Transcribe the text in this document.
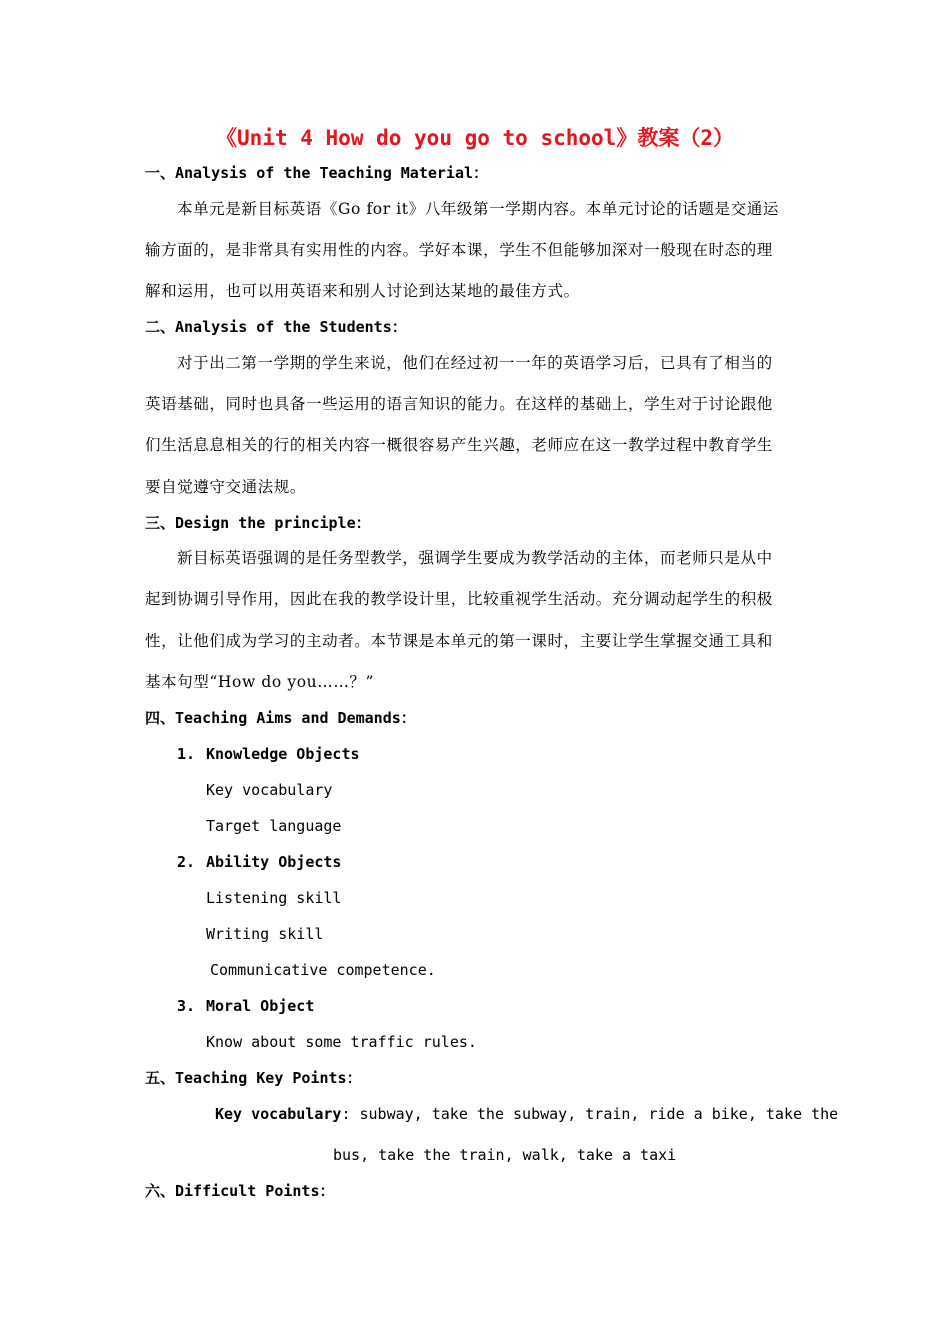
《Unit 4 How do you go to school》教案（2）
一、Analysis of the Teaching Material：
本单元是新目标英语《Go for it》八年级第一学期内容。本单元讨论的话题是交通运
输方面的，是非常具有实用性的内容。学好本课，学生不但能够加深对一般现在时态的理
解和运用，也可以用英语来和别人讨论到达某地的最佳方式。
二、Analysis of the Students：
对于出二第一学期的学生来说，他们在经过初一一年的英语学习后，已具有了相当的
英语基础，同时也具备一些运用的语言知识的能力。在这样的基础上，学生对于讨论跟他
们生活息息相关的行的相关内容一概很容易产生兴趣，老师应在这一教学过程中教育学生
要自觉遵守交通法规。
三、Design the principle：
新目标英语强调的是任务型教学，强调学生要成为教学活动的主体，而老师只是从中
起到协调引导作用，因此在我的教学设计里，比较重视学生活动。充分调动起学生的积极
性，让他们成为学习的主动者。本节课是本单元的第一课时，主要让学生掌握交通工具和
基本句型“How do you……？”
四、Teaching Aims and Demands：
1. Knowledge Objects
Key vocabulary
Target language
2. Ability Objects
Listening skill
Writing skill
Communicative competence.
3. Moral Object
Know about some traffic rules.
五、Teaching Key Points：
Key vocabulary: subway, take the subway, train, ride a bike, take the
bus, take the train, walk, take a taxi
六、Difficult Points：
